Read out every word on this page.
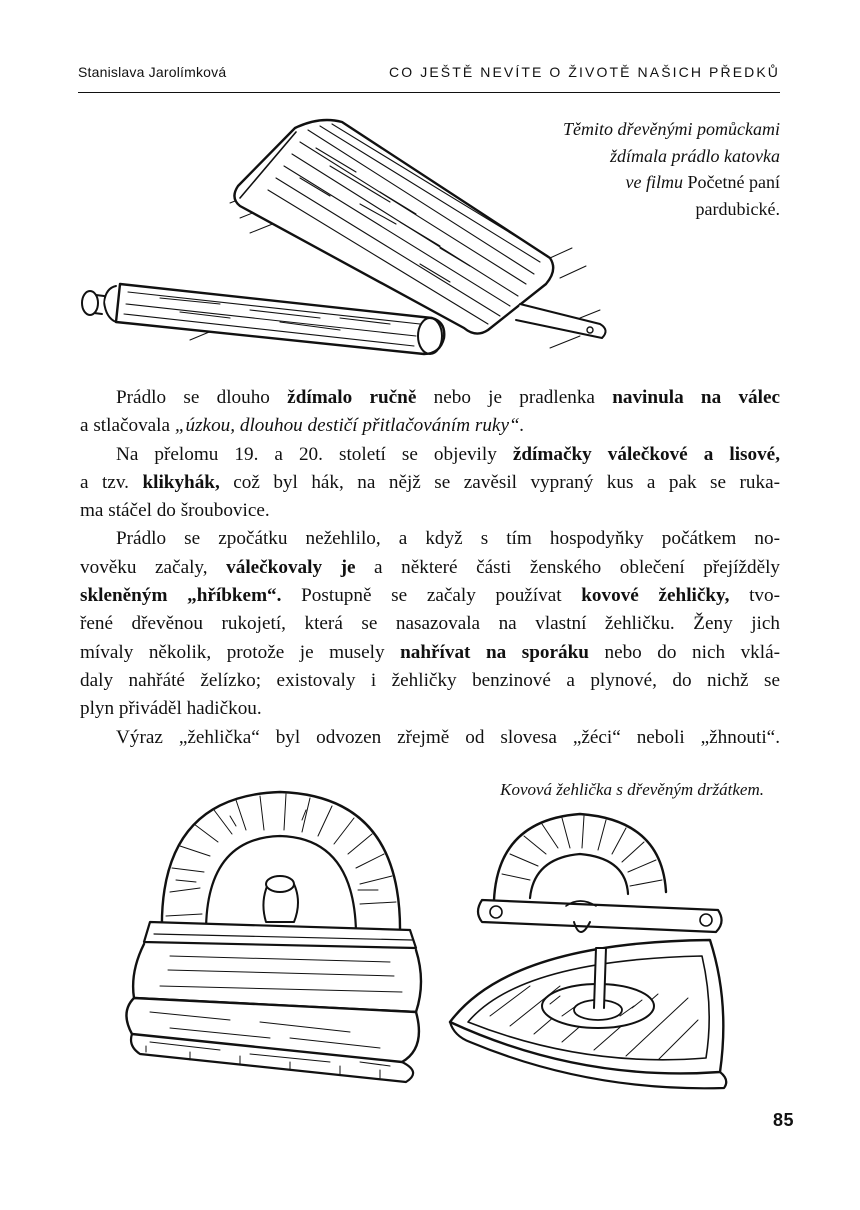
Stanislava Jarolímková	CO JEŠTĚ NEVÍTE O ŽIVOTĚ NAŠICH PŘEDKŮ
Těmito dřevěnými pomůckami
ždímala prádlo katovka
ve filmu Početné paní
pardubické.
Prádlo se dlouho ždímalo ručně nebo je pradlenka navinula na válec
a stlačovala „úzkou, dlouhou destičí přitlačováním ruky“.
Na přelomu 19. a 20. století se objevily ždímačky válečkové a lisové,
a tzv. klikyhák, což byl hák, na nějž se zavěsil vypraný kus a pak se ruka-
ma stáčel do šroubovice.
Prádlo se zpočátku nežehlilo, a když s tím hospodyňky počátkem no-
vověku začaly, válečkovaly je a některé části ženského oblečení přejížděly
skleněným „hříbkem“. Postupně se začaly používat kovové žehličky, tvo-
řené dřevěnou rukojetí, která se nasazovala na vlastní žehličku. Ženy jich
mívaly několik, protože je musely nahřívat na sporáku nebo do nich vklá-
daly nahřáté želízko; existovaly i žehličky benzinové a plynové, do nichž se
plyn přiváděl hadičkou.
Výraz „žehlička“ byl odvozen zřejmě od slovesa „žéci“ neboli „žhnouti“.
Kovová žehlička s dřevěným držátkem.
85
